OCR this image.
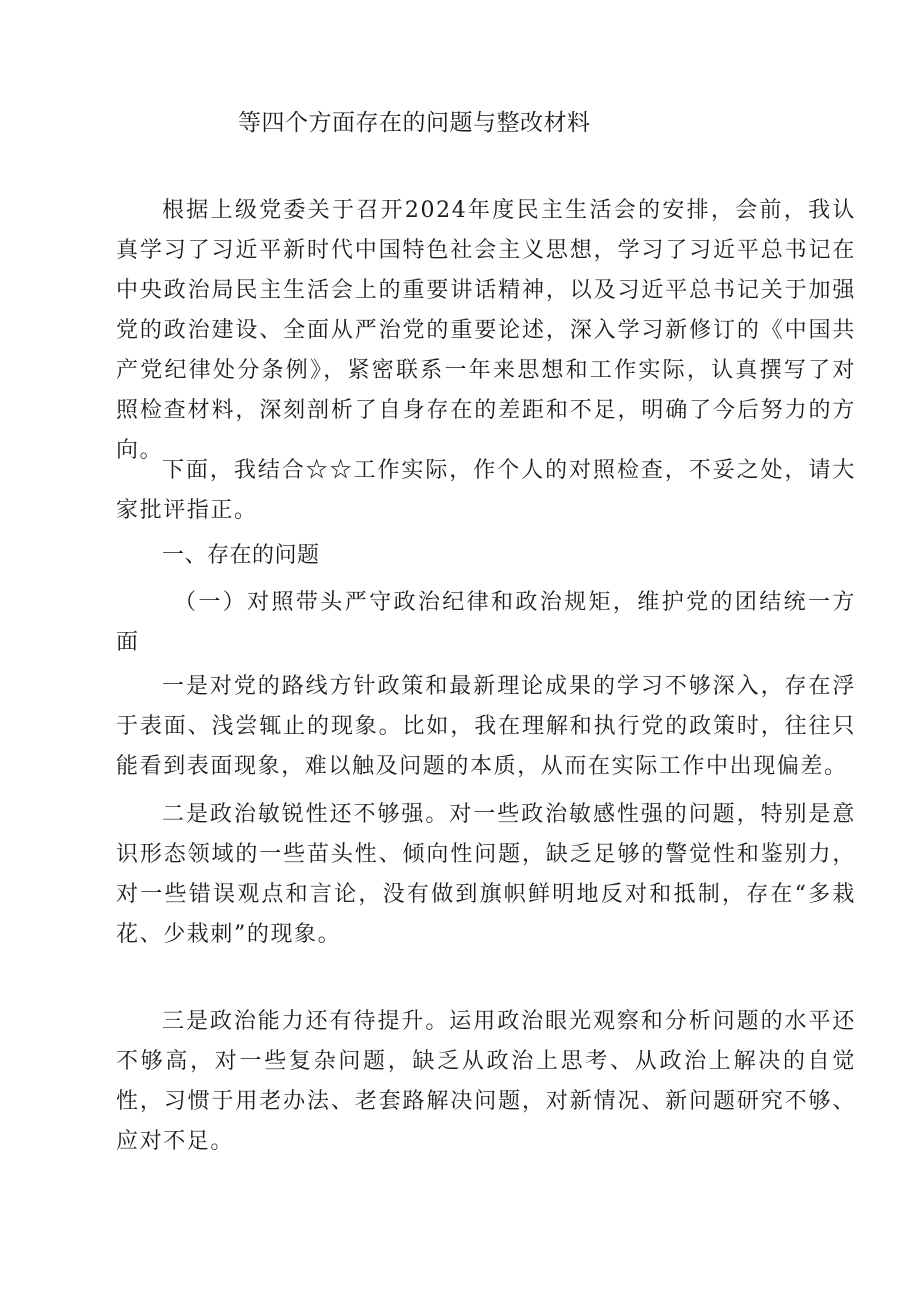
等四个方面存在的问题与整改材料

根据上级党委关于召开2024年度民主生活会的安排，会前，我认真学习了习近平新时代中国特色社会主义思想，学习了习近平总书记在中央政治局民主生活会上的重要讲话精神，以及习近平总书记关于加强党的政治建设、全面从严治党的重要论述，深入学习新修订的《中国共产党纪律处分条例》，紧密联系一年来思想和工作实际，认真撰写了对照检查材料，深刻剖析了自身存在的差距和不足，明确了今后努力的方向。

下面，我结合☆☆工作实际，作个人的对照检查，不妥之处，请大家批评指正。

一、存在的问题

（一）对照带头严守政治纪律和政治规矩，维护党的团结统一方面

一是对党的路线方针政策和最新理论成果的学习不够深入，存在浮于表面、浅尝辄止的现象。比如，我在理解和执行党的政策时，往往只能看到表面现象，难以触及问题的本质，从而在实际工作中出现偏差。

二是政治敏锐性还不够强。对一些政治敏感性强的问题，特别是意识形态领域的一些苗头性、倾向性问题，缺乏足够的警觉性和鉴别力，对一些错误观点和言论，没有做到旗帜鲜明地反对和抵制，存在“多栽花、少栽刺”的现象。

三是政治能力还有待提升。运用政治眼光观察和分析问题的水平还不够高，对一些复杂问题，缺乏从政治上思考、从政治上解决的自觉性，习惯于用老办法、老套路解决问题，对新情况、新问题研究不够、应对不足。
